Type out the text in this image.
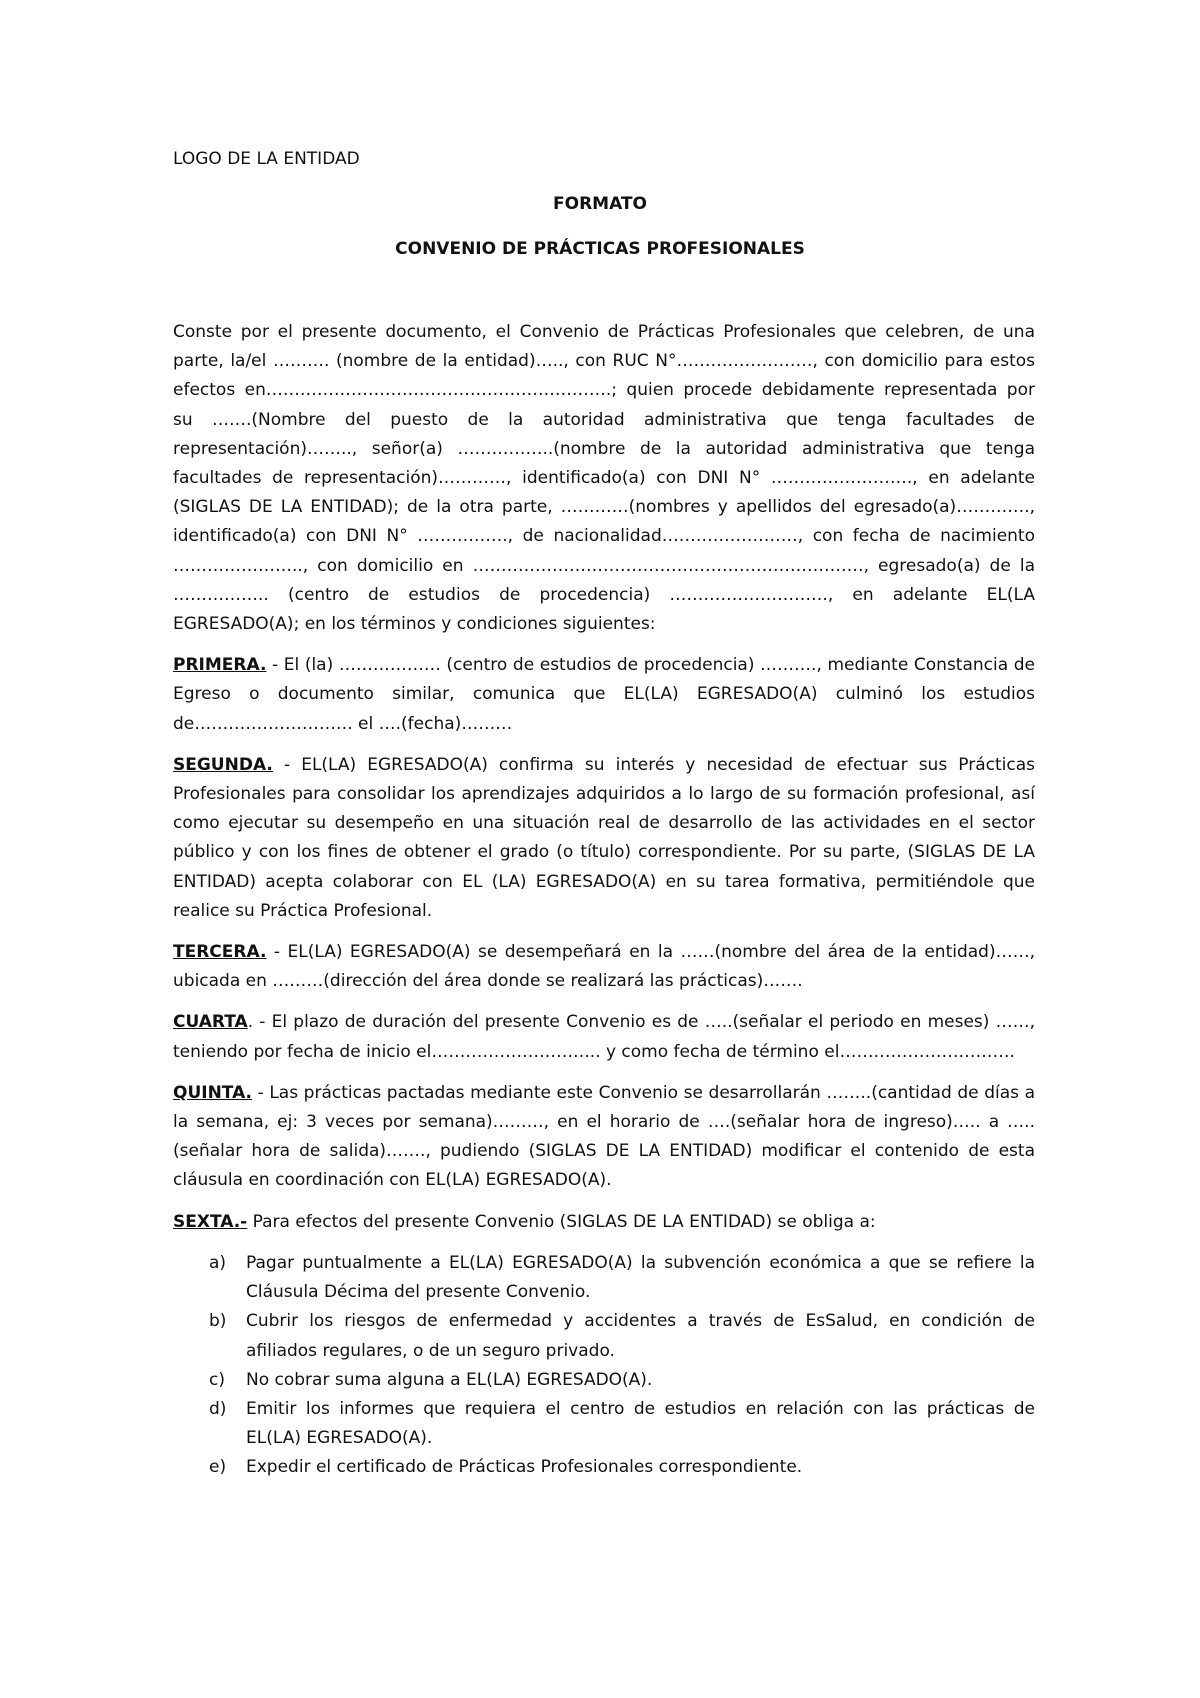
LOGO DE LA ENTIDAD
FORMATO
CONVENIO DE PRÁCTICAS PROFESIONALES

Conste por el presente documento, el Convenio de Prácticas Profesionales que celebren, de una parte, la/el ………. (nombre de la entidad)….., con RUC N°……………………, con domicilio para estos efectos en…………………………………………………….; quien procede debidamente representada por su …….(Nombre del puesto de la autoridad administrativa que tenga facultades de representación)…….., señor(a) ……………..(nombre de la autoridad administrativa que tenga facultades de representación)…………, identificado(a) con DNI N° ……………………., en adelante (SIGLAS DE LA ENTIDAD); de la otra parte, …………(nombres y apellidos del egresado(a)…………., identificado(a) con DNI N° ……………., de nacionalidad……………………, con fecha de nacimiento ………………….., con domicilio en ……………………………………………………………, egresado(a) de la …………….. (centro de estudios de procedencia) ………………………., en adelante EL(LA EGRESADO(A); en los términos y condiciones siguientes:

PRIMERA. - El (la) ……………… (centro de estudios de procedencia) ………., mediante Constancia de Egreso o documento similar, comunica que EL(LA) EGRESADO(A) culminó los estudios de………………………. el ….(fecha)………

SEGUNDA. - EL(LA) EGRESADO(A) confirma su interés y necesidad de efectuar sus Prácticas Profesionales para consolidar los aprendizajes adquiridos a lo largo de su formación profesional, así como ejecutar su desempeño en una situación real de desarrollo de las actividades en el sector público y con los fines de obtener el grado (o título) correspondiente. Por su parte, (SIGLAS DE LA ENTIDAD) acepta colaborar con EL (LA) EGRESADO(A) en su tarea formativa, permitiéndole que realice su Práctica Profesional.

TERCERA. - EL(LA) EGRESADO(A) se desempeñará en la ……(nombre del área de la entidad)……, ubicada en ………(dirección del área donde se realizará las prácticas)…….

CUARTA. - El plazo de duración del presente Convenio es de …..(señalar el periodo en meses) ……, teniendo por fecha de inicio el………………………... y como fecha de término el………………………….

QUINTA. - Las prácticas pactadas mediante este Convenio se desarrollarán ……..(cantidad de días a la semana, ej: 3 veces por semana)………, en el horario de ….(señalar hora de ingreso)….. a …..(señalar hora de salida)……., pudiendo (SIGLAS DE LA ENTIDAD) modificar el contenido de esta cláusula en coordinación con EL(LA) EGRESADO(A).

SEXTA.- Para efectos del presente Convenio (SIGLAS DE LA ENTIDAD) se obliga a:

a) Pagar puntualmente a EL(LA) EGRESADO(A) la subvención económica a que se refiere la Cláusula Décima del presente Convenio.
b) Cubrir los riesgos de enfermedad y accidentes a través de EsSalud, en condición de afiliados regulares, o de un seguro privado.
c) No cobrar suma alguna a EL(LA) EGRESADO(A).
d) Emitir los informes que requiera el centro de estudios en relación con las prácticas de EL(LA) EGRESADO(A).
e) Expedir el certificado de Prácticas Profesionales correspondiente.
